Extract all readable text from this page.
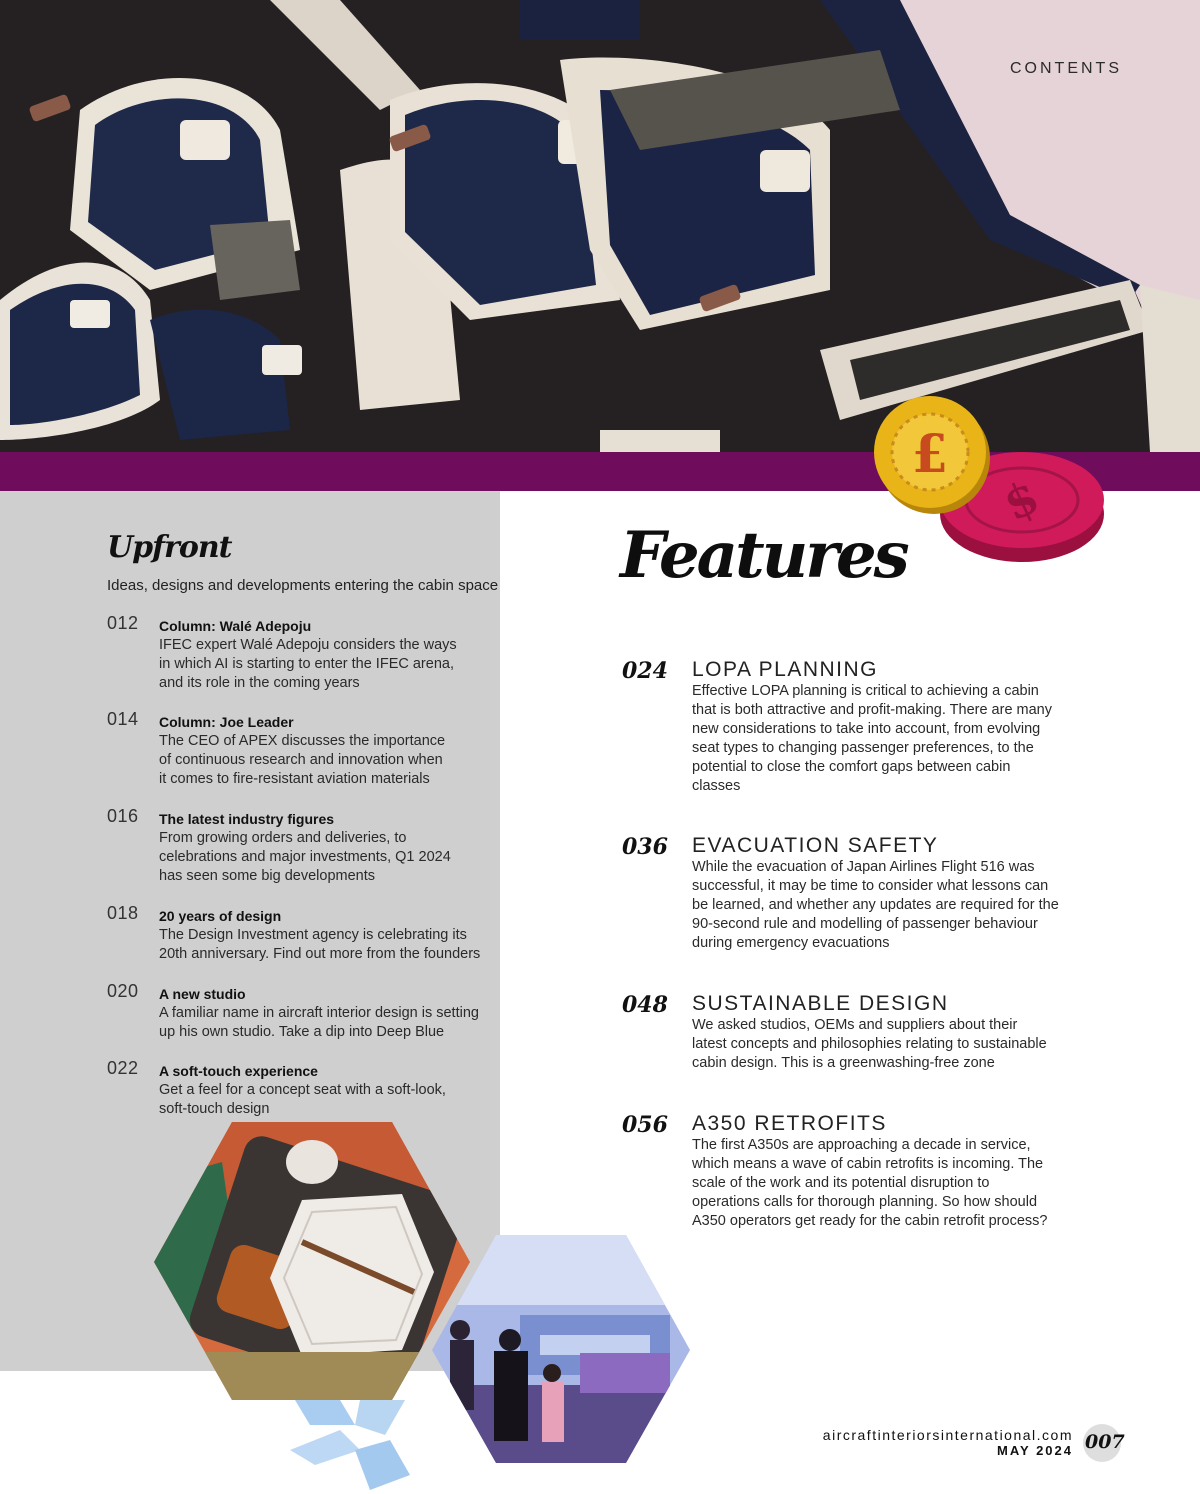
CONTENTS
$
£
Upfront
Ideas, designs and developments entering the cabin space
012 Column: Walé Adepoju
IFEC expert Walé Adepoju considers the ways in which AI is starting to enter the IFEC arena, and its role in the coming years
014 Column: Joe Leader
The CEO of APEX discusses the importance of continuous research and innovation when it comes to fire-resistant aviation materials
016 The latest industry figures
From growing orders and deliveries, to celebrations and major investments, Q1 2024 has seen some big developments
018 20 years of design
The Design Investment agency is celebrating its 20th anniversary. Find out more from the founders
020 A new studio
A familiar name in aircraft interior design is setting up his own studio. Take a dip into Deep Blue
022 A soft-touch experience
Get a feel for a concept seat with a soft-look, soft-touch design
Features
024 LOPA PLANNING
Effective LOPA planning is critical to achieving a cabin that is both attractive and profit-making. There are many new considerations to take into account, from evolving seat types to changing passenger preferences, to the potential to close the comfort gaps between cabin classes
036 EVACUATION SAFETY
While the evacuation of Japan Airlines Flight 516 was successful, it may be time to consider what lessons can be learned, and whether any updates are required for the 90-second rule and modelling of passenger behaviour during emergency evacuations
048 SUSTAINABLE DESIGN
We asked studios, OEMs and suppliers about their latest concepts and philosophies relating to sustainable cabin design. This is a greenwashing-free zone
056 A350 RETROFITS
The first A350s are approaching a decade in service, which means a wave of cabin retrofits is incoming. The scale of the work and its potential disruption to operations calls for thorough planning. So how should A350 operators get ready for the cabin retrofit process?
aircraftinteriorsinternational.com
MAY 2024 007
